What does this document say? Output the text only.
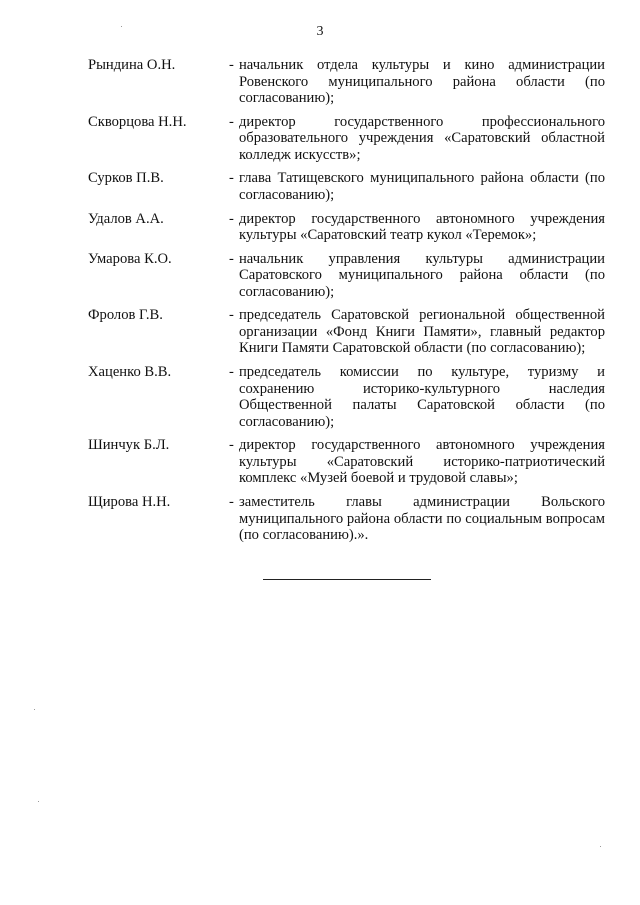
3
Рындина О.Н.	- начальник отдела культуры и кино администрации Ровенского муниципального района области (по согласованию);
Скворцова Н.Н.	- директор государственного профессионального образовательного учреждения «Саратовский областной колледж искусств»;
Сурков П.В.	- глава Татищевского муниципального района области (по согласованию);
Удалов А.А.	- директор государственного автономного учреждения культуры «Саратовский театр кукол «Теремок»;
Умарова К.О.	- начальник управления культуры администрации Саратовского муниципального района области (по согласованию);
Фролов Г.В.	- председатель Саратовской региональной общественной организации «Фонд Книги Памяти», главный редактор Книги Памяти Саратовской области (по согласованию);
Хаценко В.В.	- председатель комиссии по культуре, туризму и сохранению историко-культурного наследия Общественной палаты Саратовской области (по согласованию);
Шинчук Б.Л.	- директор государственного автономного учреждения культуры «Саратовский историко-патриотический комплекс «Музей боевой и трудовой славы»;
Щирова Н.Н.	- заместитель главы администрации Вольского муниципального района области по социальным вопросам (по согласованию).».
